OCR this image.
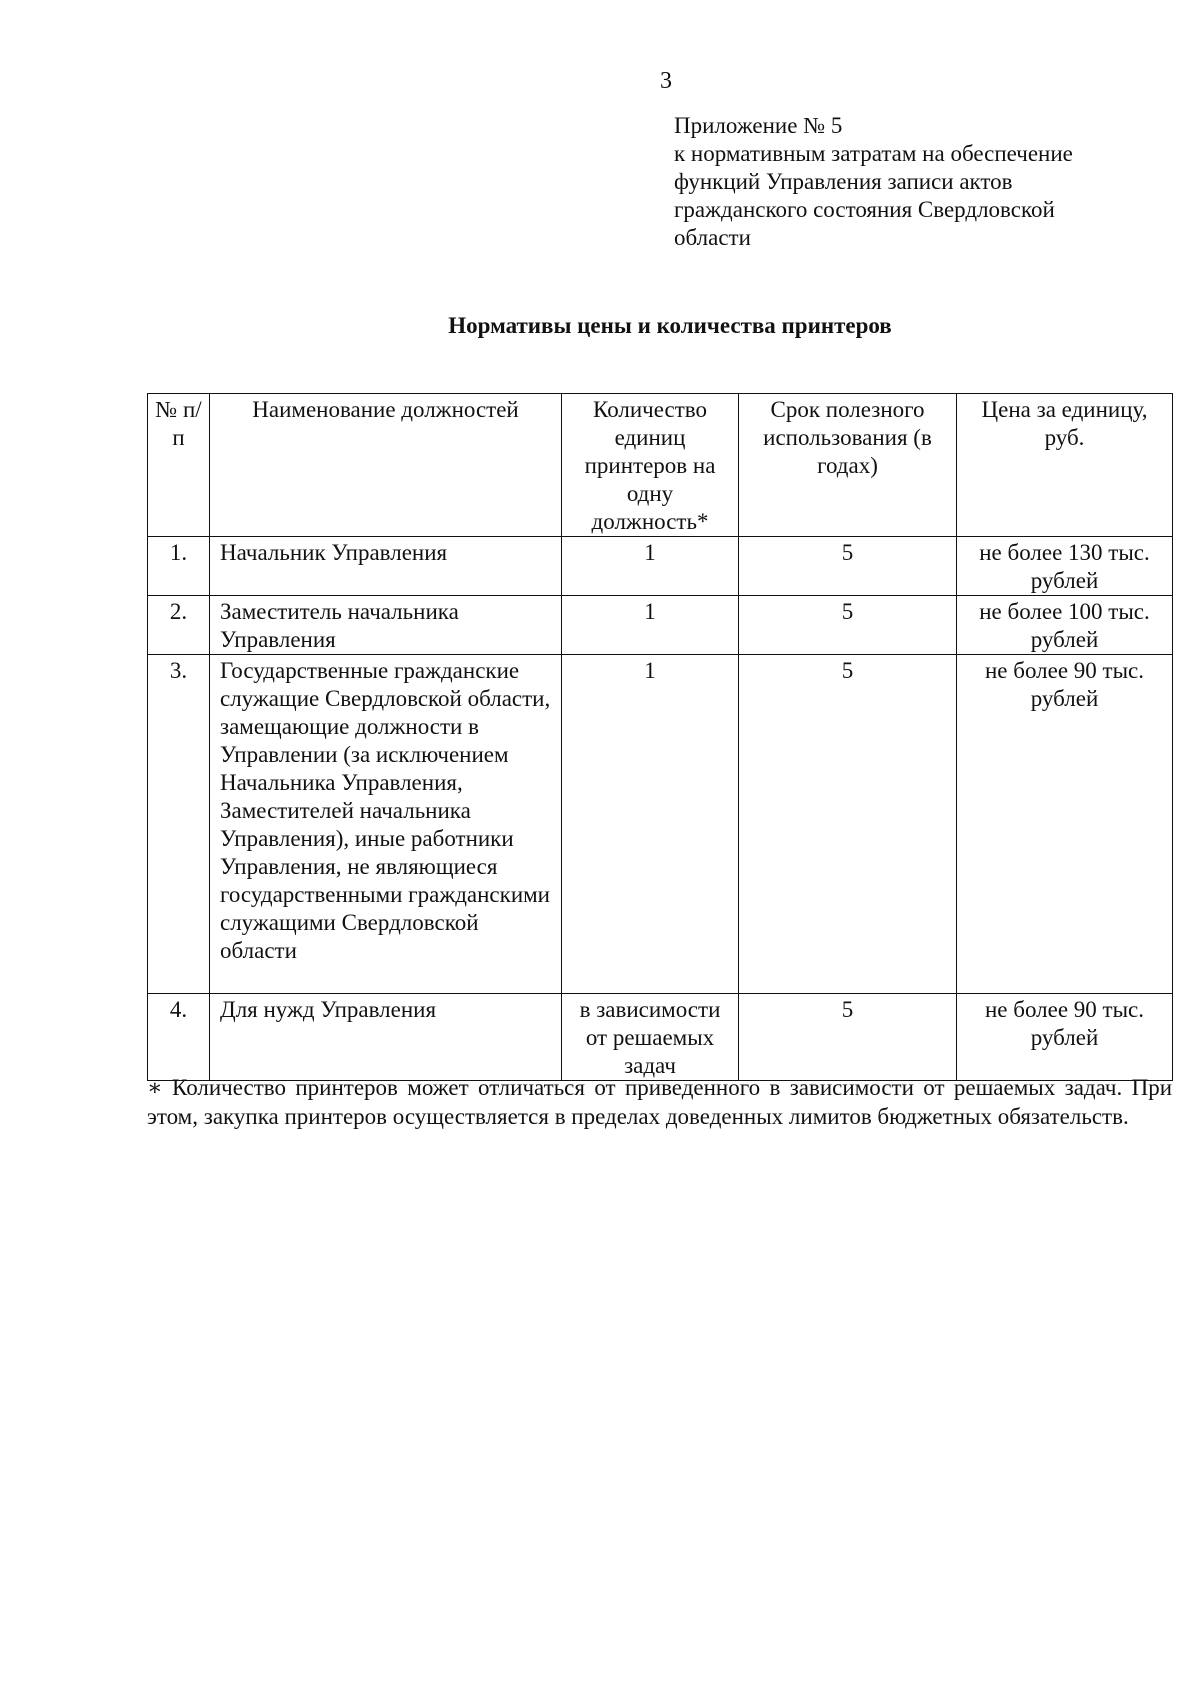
3
Приложение № 5
к нормативным затратам на обеспечение
функций Управления записи актов
гражданского состояния Свердловской
области
Нормативы цены и количества принтеров
№ п/п	Наименование должностей	Количество единиц принтеров на одну должность*	Срок полезного использования (в годах)	Цена за единицу, руб.
1.	Начальник Управления	1	5	не более 130 тыс. рублей
2.	Заместитель начальника Управления	1	5	не более 100 тыс. рублей
3.	Государственные гражданские служащие Свердловской области, замещающие должности в Управлении (за исключением Начальника Управления, Заместителей начальника Управления), иные работники Управления, не являющиеся государственными гражданскими служащими Свердловской области	1	5	не более 90 тыс. рублей
4.	Для нужд Управления	в зависимости от решаемых задач	5	не более 90 тыс. рублей
∗ Количество принтеров может отличаться от приведенного в зависимости от решаемых задач. При этом, закупка принтеров осуществляется в пределах доведенных лимитов бюджетных обязательств.
